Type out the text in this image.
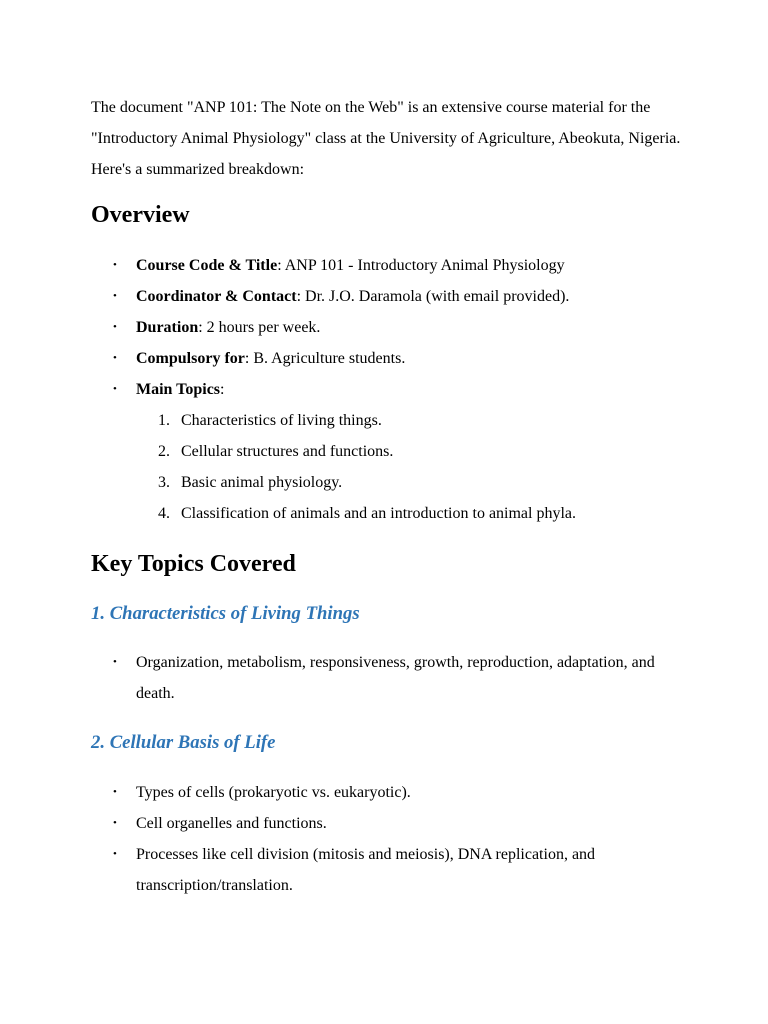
The document "ANP 101: The Note on the Web" is an extensive course material for the "Introductory Animal Physiology" class at the University of Agriculture, Abeokuta, Nigeria. Here's a summarized breakdown:

Overview
• Course Code & Title: ANP 101 - Introductory Animal Physiology
• Coordinator & Contact: Dr. J.O. Daramola (with email provided).
• Duration: 2 hours per week.
• Compulsory for: B. Agriculture students.
• Main Topics:
1. Characteristics of living things.
2. Cellular structures and functions.
3. Basic animal physiology.
4. Classification of animals and an introduction to animal phyla.
Key Topics Covered
1. Characteristics of Living Things
• Organization, metabolism, responsiveness, growth, reproduction, adaptation, and death.
2. Cellular Basis of Life
• Types of cells (prokaryotic vs. eukaryotic).
• Cell organelles and functions.
• Processes like cell division (mitosis and meiosis), DNA replication, and transcription/translation.
